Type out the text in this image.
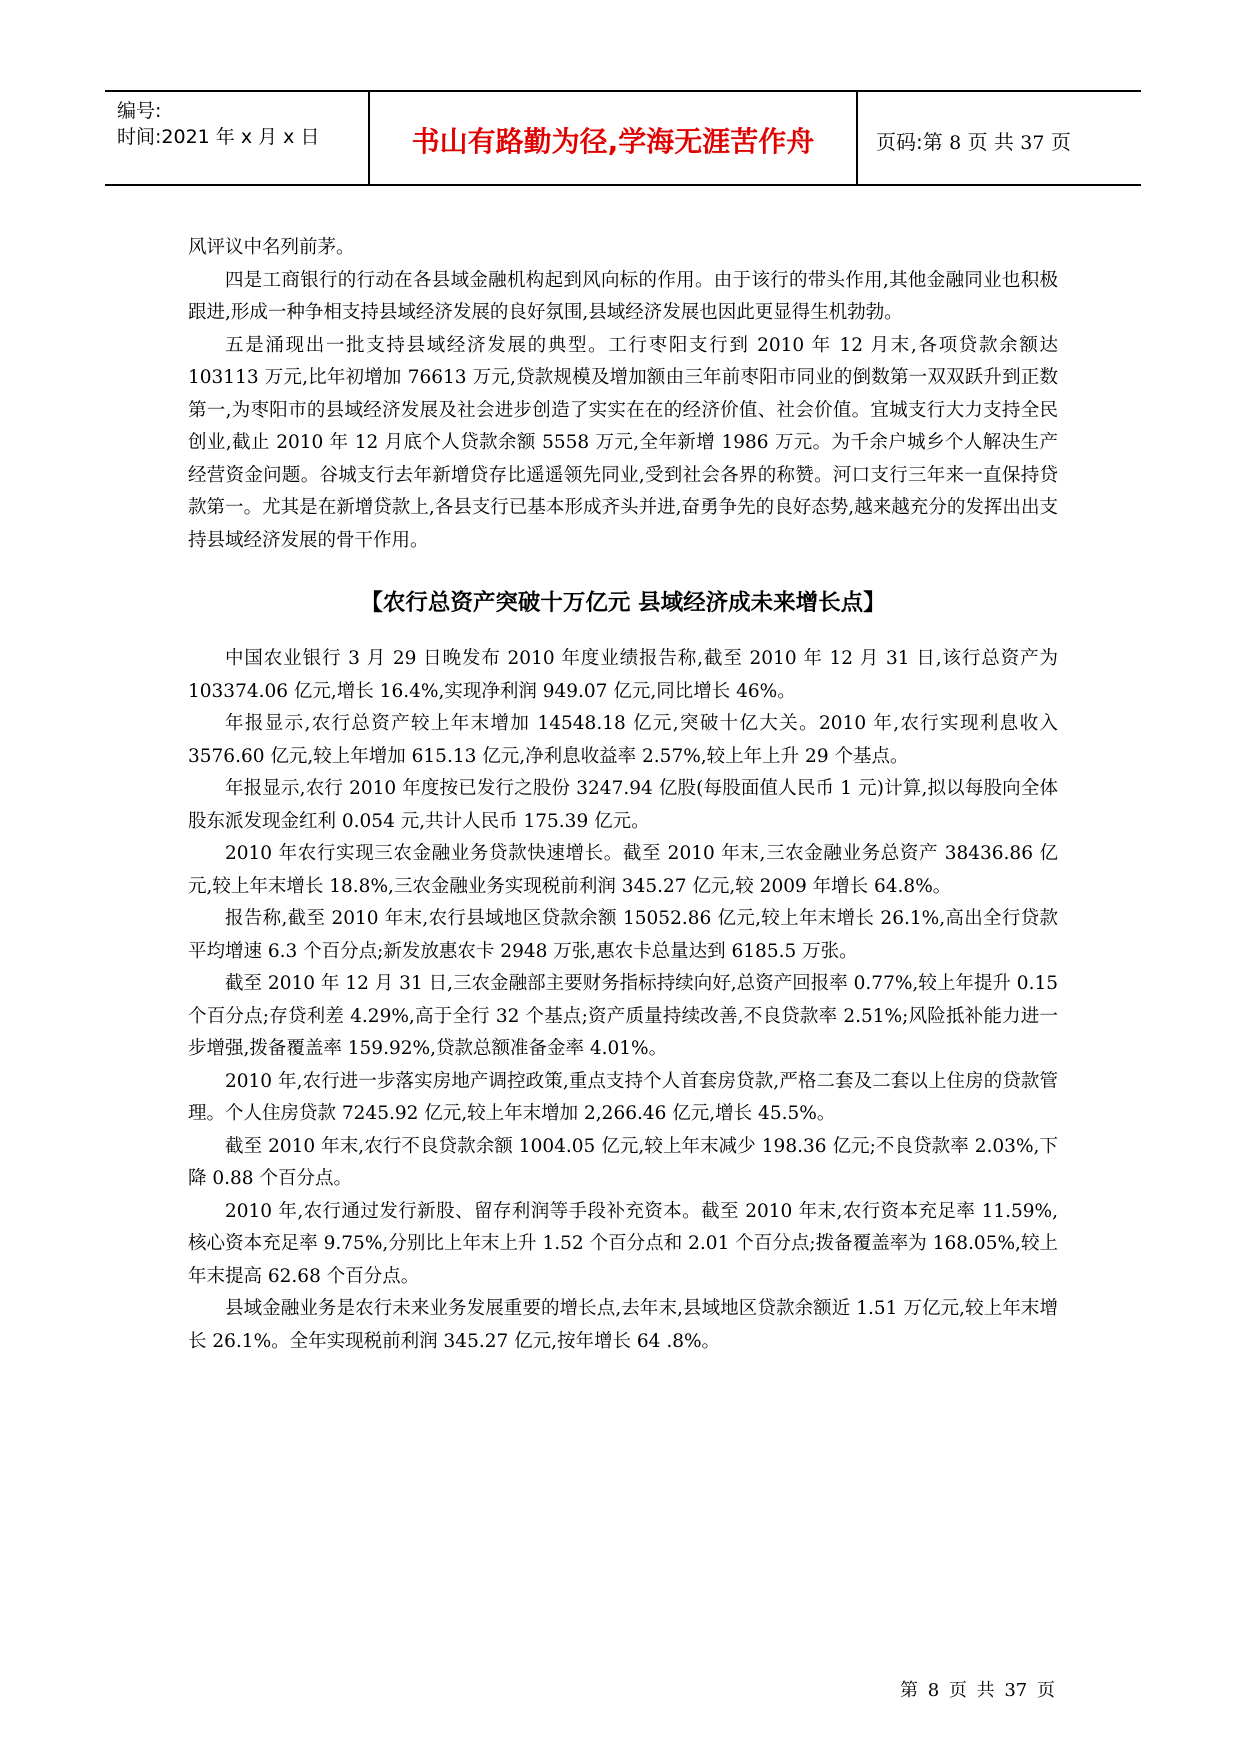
编号:
时间:2021 年 x 月 x 日	书山有路勤为径,学海无涯苦作舟	页码:第 8 页 共 37 页

风评议中名列前茅。

四是工商银行的行动在各县域金融机构起到风向标的作用。由于该行的带头作用,其他金融同业也积极跟进,形成一种争相支持县域经济发展的良好氛围,县域经济发展也因此更显得生机勃勃。

五是涌现出一批支持县域经济发展的典型。工行枣阳支行到 2010 年 12 月末,各项贷款余额达 103113 万元,比年初增加 76613 万元,贷款规模及增加额由三年前枣阳市同业的倒数第一双双跃升到正数第一,为枣阳市的县域经济发展及社会进步创造了实实在在的经济价值、社会价值。宜城支行大力支持全民创业,截止 2010 年 12 月底个人贷款余额 5558 万元,全年新增 1986 万元。为千余户城乡个人解决生产经营资金问题。谷城支行去年新增贷存比遥遥领先同业,受到社会各界的称赞。河口支行三年来一直保持贷款第一。尤其是在新增贷款上,各县支行已基本形成齐头并进,奋勇争先的良好态势,越来越充分的发挥出出支持县域经济发展的骨干作用。

【农行总资产突破十万亿元 县域经济成未来增长点】

中国农业银行 3 月 29 日晚发布 2010 年度业绩报告称,截至 2010 年 12 月 31 日,该行总资产为 103374.06 亿元,增长 16.4%,实现净利润 949.07 亿元,同比增长 46%。

年报显示,农行总资产较上年末增加 14548.18 亿元,突破十亿大关。2010 年,农行实现利息收入 3576.60 亿元,较上年增加 615.13 亿元,净利息收益率 2.57%,较上年上升 29 个基点。

年报显示,农行 2010 年度按已发行之股份 3247.94 亿股(每股面值人民币 1 元)计算,拟以每股向全体股东派发现金红利 0.054 元,共计人民币 175.39 亿元。

2010 年农行实现三农金融业务贷款快速增长。截至 2010 年末,三农金融业务总资产 38436.86 亿元,较上年末增长 18.8%,三农金融业务实现税前利润 345.27 亿元,较 2009 年增长 64.8%。

报告称,截至 2010 年末,农行县域地区贷款余额 15052.86 亿元,较上年末增长 26.1%,高出全行贷款平均增速 6.3 个百分点;新发放惠农卡 2948 万张,惠农卡总量达到 6185.5 万张。

截至 2010 年 12 月 31 日,三农金融部主要财务指标持续向好,总资产回报率 0.77%,较上年提升 0.15 个百分点;存贷利差 4.29%,高于全行 32 个基点;资产质量持续改善,不良贷款率 2.51%;风险抵补能力进一步增强,拨备覆盖率 159.92%,贷款总额准备金率 4.01%。

2010 年,农行进一步落实房地产调控政策,重点支持个人首套房贷款,严格二套及二套以上住房的贷款管理。个人住房贷款 7245.92 亿元,较上年末增加 2,266.46 亿元,增长 45.5%。

截至 2010 年末,农行不良贷款余额 1004.05 亿元,较上年末减少 198.36 亿元;不良贷款率 2.03%,下降 0.88 个百分点。

2010 年,农行通过发行新股、留存利润等手段补充资本。截至 2010 年末,农行资本充足率 11.59%,核心资本充足率 9.75%,分别比上年末上升 1.52 个百分点和 2.01 个百分点;拨备覆盖率为 168.05%,较上年末提高 62.68 个百分点。

县域金融业务是农行未来业务发展重要的增长点,去年末,县域地区贷款余额近 1.51 万亿元,较上年末增长 26.1%。全年实现税前利润 345.27 亿元,按年增长 64 .8%。

第 8 页 共 37 页
